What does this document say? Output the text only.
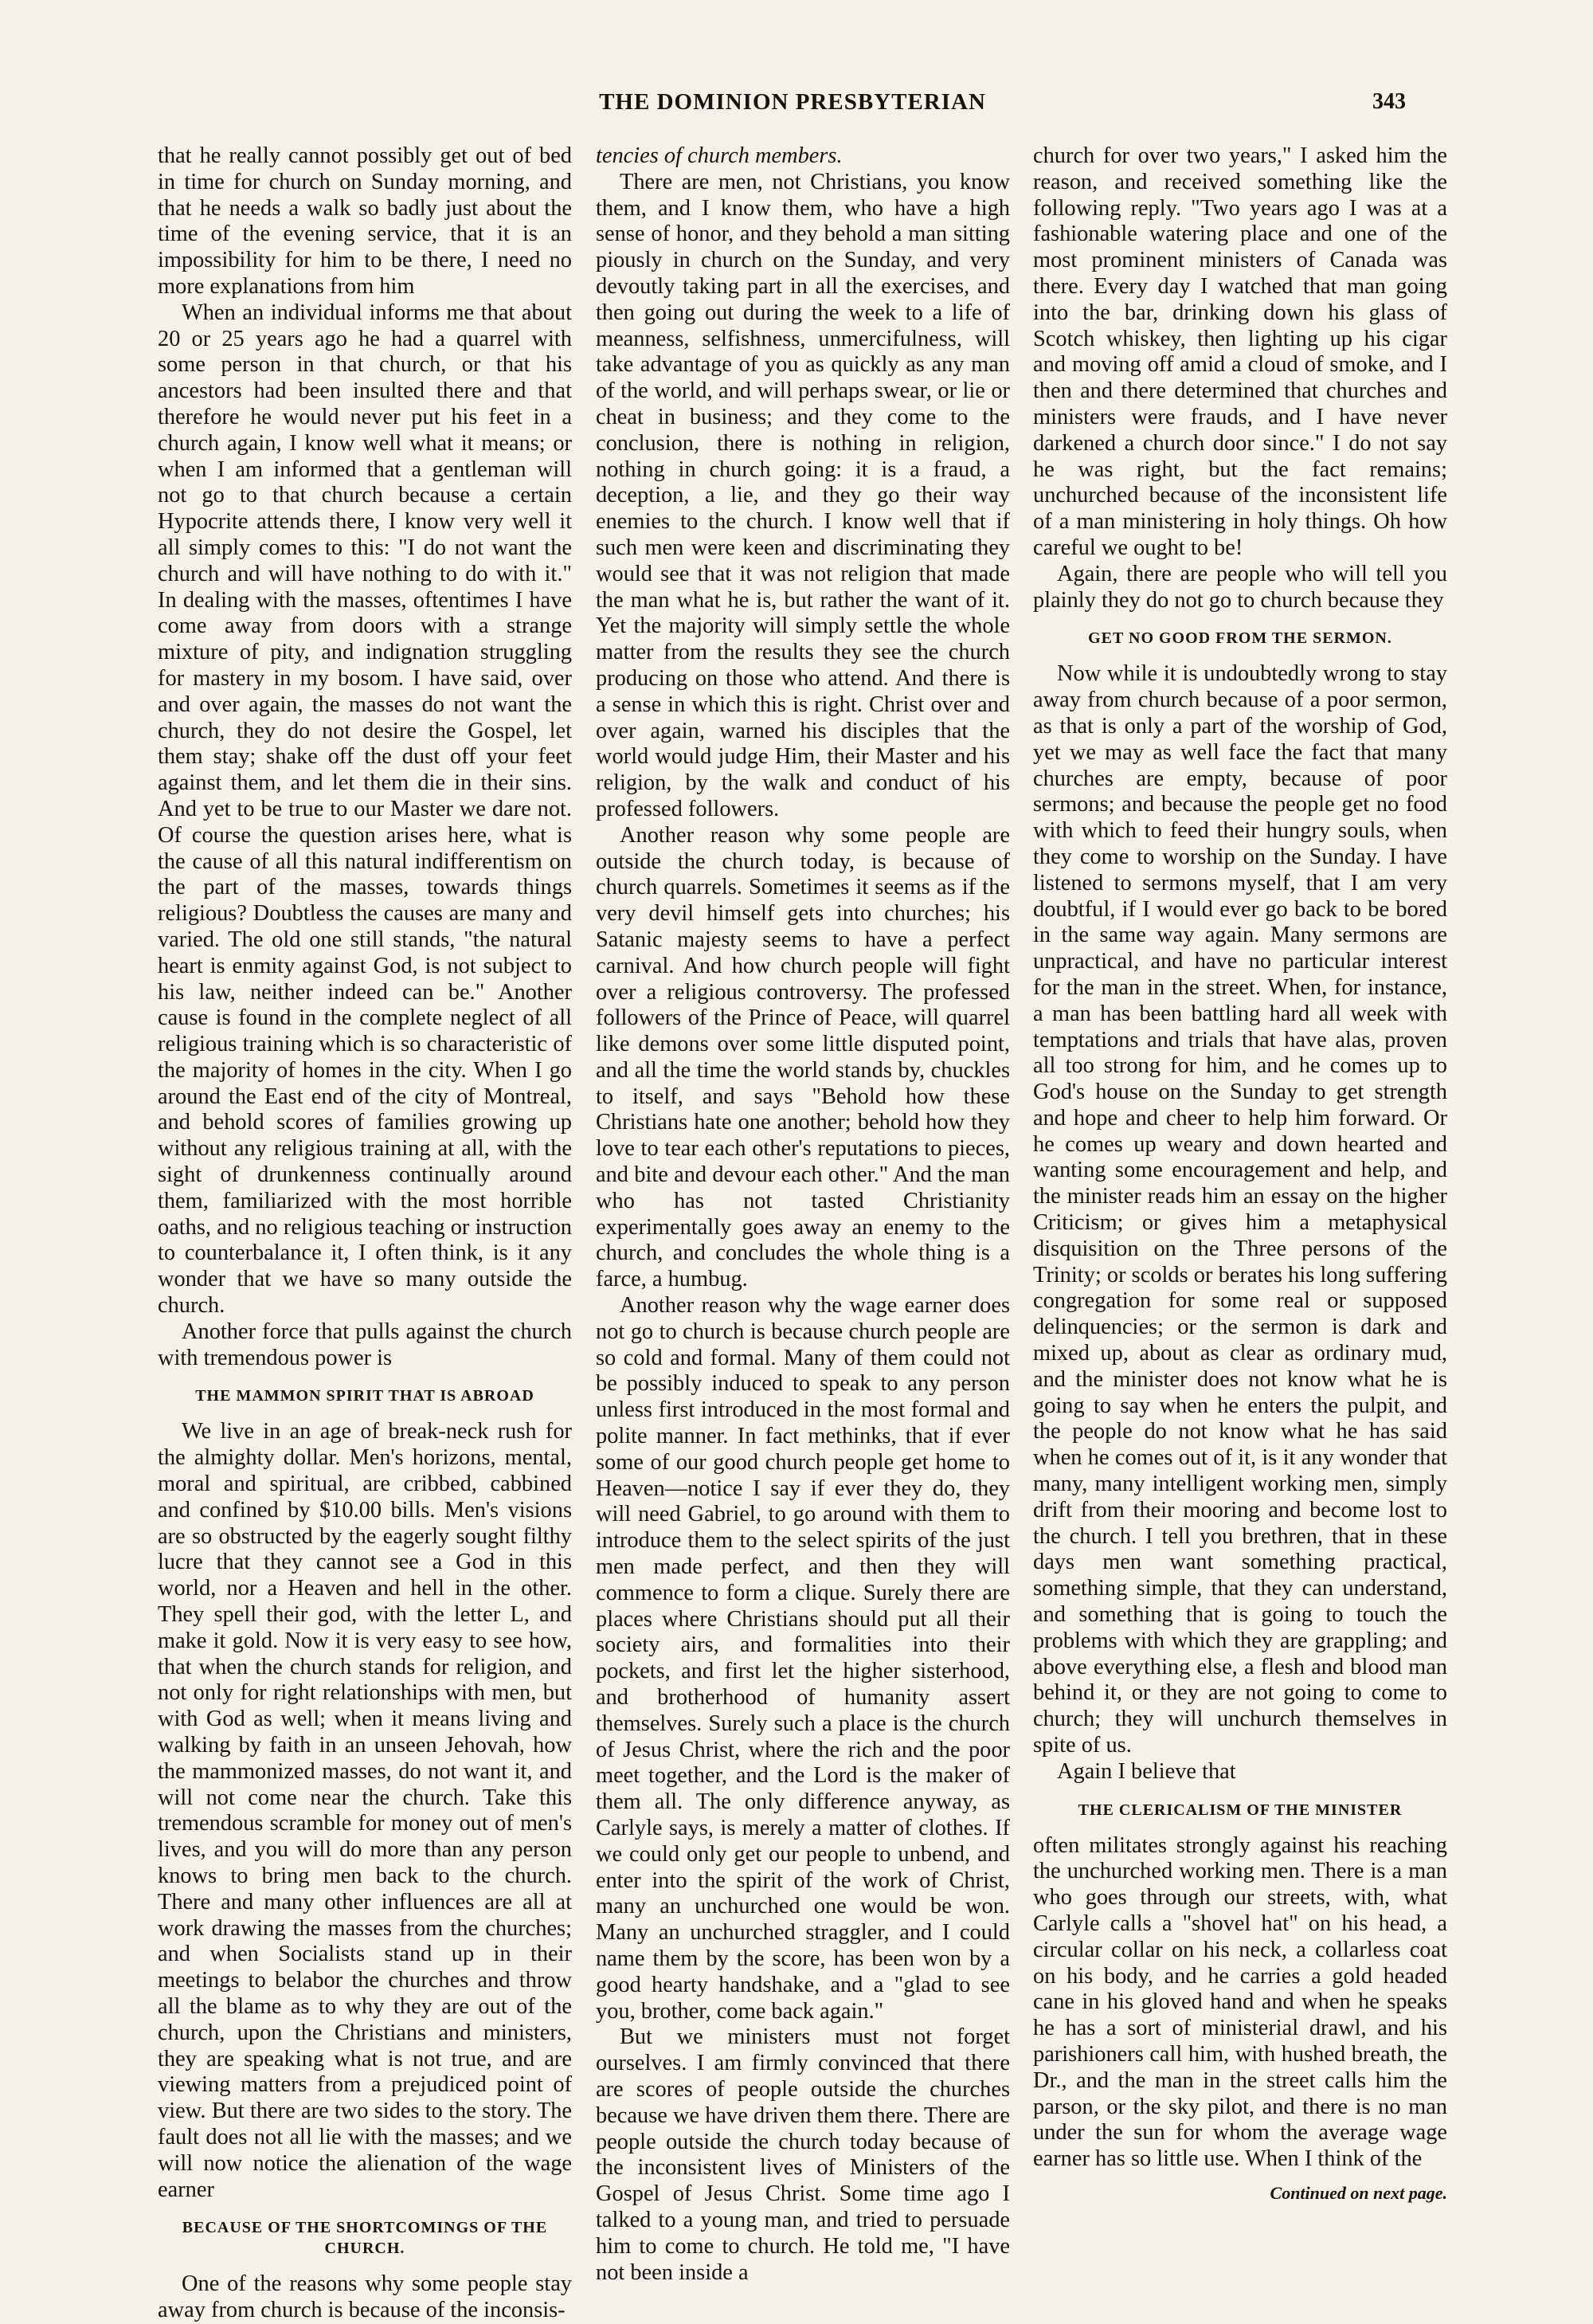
THE DOMINION PRESBYTERIAN	343

that he really cannot possibly get out of bed in time for church on Sunday morning, and that he needs a walk so badly just about the time of the evening service, that it is an impossibility for him to be there, I need no more explanations from him

When an individual informs me that about 20 or 25 years ago he had a quarrel with some person in that church, or that his ancestors had been insulted there and that therefore he would never put his feet in a church again, I know well what it means; or when I am informed that a gentleman will not go to that church because a certain Hypocrite attends there, I know very well it all simply comes to this: "I do not want the church and will have nothing to do with it." In dealing with the masses, oftentimes I have come away from doors with a strange mixture of pity, and indignation struggling for mastery in my bosom. I have said, over and over again, the masses do not want the church, they do not desire the Gospel, let them stay; shake off the dust off your feet against them, and let them die in their sins. And yet to be true to our Master we dare not. Of course the question arises here, what is the cause of all this natural indifferentism on the part of the masses, towards things religious? Doubtless the causes are many and varied. The old one still stands, "the natural heart is enmity against God, is not subject to his law, neither indeed can be." Another cause is found in the complete neglect of all religious training which is so characteristic of the majority of homes in the city. When I go around the East end of the city of Montreal, and behold scores of families growing up without any religious training at all, with the sight of drunkenness continually around them, familiarized with the most horrible oaths, and no religious teaching or instruction to counterbalance it, I often think, is it any wonder that we have so many outside the church.

Another force that pulls against the church with tremendous power is

THE MAMMON SPIRIT THAT IS ABROAD

We live in an age of break-neck rush for the almighty dollar. Men's horizons, mental, moral and spiritual, are cribbed, cabbined and confined by $10.00 bills. Men's visions are so obstructed by the eagerly sought filthy lucre that they cannot see a God in this world, nor a Heaven and hell in the other. They spell their god, with the letter L, and make it gold. Now it is very easy to see how, that when the church stands for religion, and not only for right relationships with men, but with God as well; when it means living and walking by faith in an unseen Jehovah, how the mammonized masses, do not want it, and will not come near the church. Take this tremendous scramble for money out of men's lives, and you will do more than any person knows to bring men back to the church. There and many other influences are all at work drawing the masses from the churches; and when Socialists stand up in their meetings to belabor the churches and throw all the blame as to why they are out of the church, upon the Christians and ministers, they are speaking what is not true, and are viewing matters from a prejudiced point of view. But there are two sides to the story. The fault does not all lie with the masses; and we will now notice the alienation of the wage earner

BECAUSE OF THE SHORTCOMINGS OF THE CHURCH.

One of the reasons why some people stay away from church is because of the inconsis-

tencies of church members.

There are men, not Christians, you know them, and I know them, who have a high sense of honor, and they behold a man sitting piously in church on the Sunday, and very devoutly taking part in all the exercises, and then going out during the week to a life of meanness, selfishness, unmercifulness, will take advantage of you as quickly as any man of the world, and will perhaps swear, or lie or cheat in business; and they come to the conclusion, there is nothing in religion, nothing in church going: it is a fraud, a deception, a lie, and they go their way enemies to the church. I know well that if such men were keen and discriminating they would see that it was not religion that made the man what he is, but rather the want of it. Yet the majority will simply settle the whole matter from the results they see the church producing on those who attend. And there is a sense in which this is right. Christ over and over again, warned his disciples that the world would judge Him, their Master and his religion, by the walk and conduct of his professed followers.

Another reason why some people are outside the church today, is because of church quarrels. Sometimes it seems as if the very devil himself gets into churches; his Satanic majesty seems to have a perfect carnival. And how church people will fight over a religious controversy. The professed followers of the Prince of Peace, will quarrel like demons over some little disputed point, and all the time the world stands by, chuckles to itself, and says "Behold how these Christians hate one another; behold how they love to tear each other's reputations to pieces, and bite and devour each other." And the man who has not tasted Christianity experimentally goes away an enemy to the church, and concludes the whole thing is a farce, a humbug.

Another reason why the wage earner does not go to church is because church people are so cold and formal. Many of them could not be possibly induced to speak to any person unless first introduced in the most formal and polite manner. In fact methinks, that if ever some of our good church people get home to Heaven—notice I say if ever they do, they will need Gabriel, to go around with them to introduce them to the select spirits of the just men made perfect, and then they will commence to form a clique. Surely there are places where Christians should put all their society airs, and formalities into their pockets, and first let the higher sisterhood, and brotherhood of humanity assert themselves. Surely such a place is the church of Jesus Christ, where the rich and the poor meet together, and the Lord is the maker of them all. The only difference anyway, as Carlyle says, is merely a matter of clothes. If we could only get our people to unbend, and enter into the spirit of the work of Christ, many an unchurched one would be won. Many an unchurched straggler, and I could name them by the score, has been won by a good hearty handshake, and a "glad to see you, brother, come back again."

But we ministers must not forget ourselves. I am firmly convinced that there are scores of people outside the churches because we have driven them there. There are people outside the church today because of the inconsistent lives of Ministers of the Gospel of Jesus Christ. Some time ago I talked to a young man, and tried to persuade him to come to church. He told me, "I have not been inside a

church for over two years," I asked him the reason, and received something like the following reply. "Two years ago I was at a fashionable watering place and one of the most prominent ministers of Canada was there. Every day I watched that man going into the bar, drinking down his glass of Scotch whiskey, then lighting up his cigar and moving off amid a cloud of smoke, and I then and there determined that churches and ministers were frauds, and I have never darkened a church door since." I do not say he was right, but the fact remains; unchurched because of the inconsistent life of a man ministering in holy things. Oh how careful we ought to be!

Again, there are people who will tell you plainly they do not go to church because they

GET NO GOOD FROM THE SERMON.

Now while it is undoubtedly wrong to stay away from church because of a poor sermon, as that is only a part of the worship of God, yet we may as well face the fact that many churches are empty, because of poor sermons; and because the people get no food with which to feed their hungry souls, when they come to worship on the Sunday. I have listened to sermons myself, that I am very doubtful, if I would ever go back to be bored in the same way again. Many sermons are unpractical, and have no particular interest for the man in the street. When, for instance, a man has been battling hard all week with temptations and trials that have alas, proven all too strong for him, and he comes up to God's house on the Sunday to get strength and hope and cheer to help him forward. Or he comes up weary and down hearted and wanting some encouragement and help, and the minister reads him an essay on the higher Criticism; or gives him a metaphysical disquisition on the Three persons of the Trinity; or scolds or berates his long suffering congregation for some real or supposed delinquencies; or the sermon is dark and mixed up, about as clear as ordinary mud, and the minister does not know what he is going to say when he enters the pulpit, and the people do not know what he has said when he comes out of it, is it any wonder that many, many intelligent working men, simply drift from their mooring and become lost to the church. I tell you brethren, that in these days men want something practical, something simple, that they can understand, and something that is going to touch the problems with which they are grappling; and above everything else, a flesh and blood man behind it, or they are not going to come to church; they will unchurch themselves in spite of us.

Again I believe that

THE CLERICALISM OF THE MINISTER

often militates strongly against his reaching the unchurched working men. There is a man who goes through our streets, with, what Carlyle calls a "shovel hat" on his head, a circular collar on his neck, a collarless coat on his body, and he carries a gold headed cane in his gloved hand and when he speaks he has a sort of ministerial drawl, and his parishioners call him, with hushed breath, the Dr., and the man in the street calls him the parson, or the sky pilot, and there is no man under the sun for whom the average wage earner has so little use. When I think of the

Continued on next page.
